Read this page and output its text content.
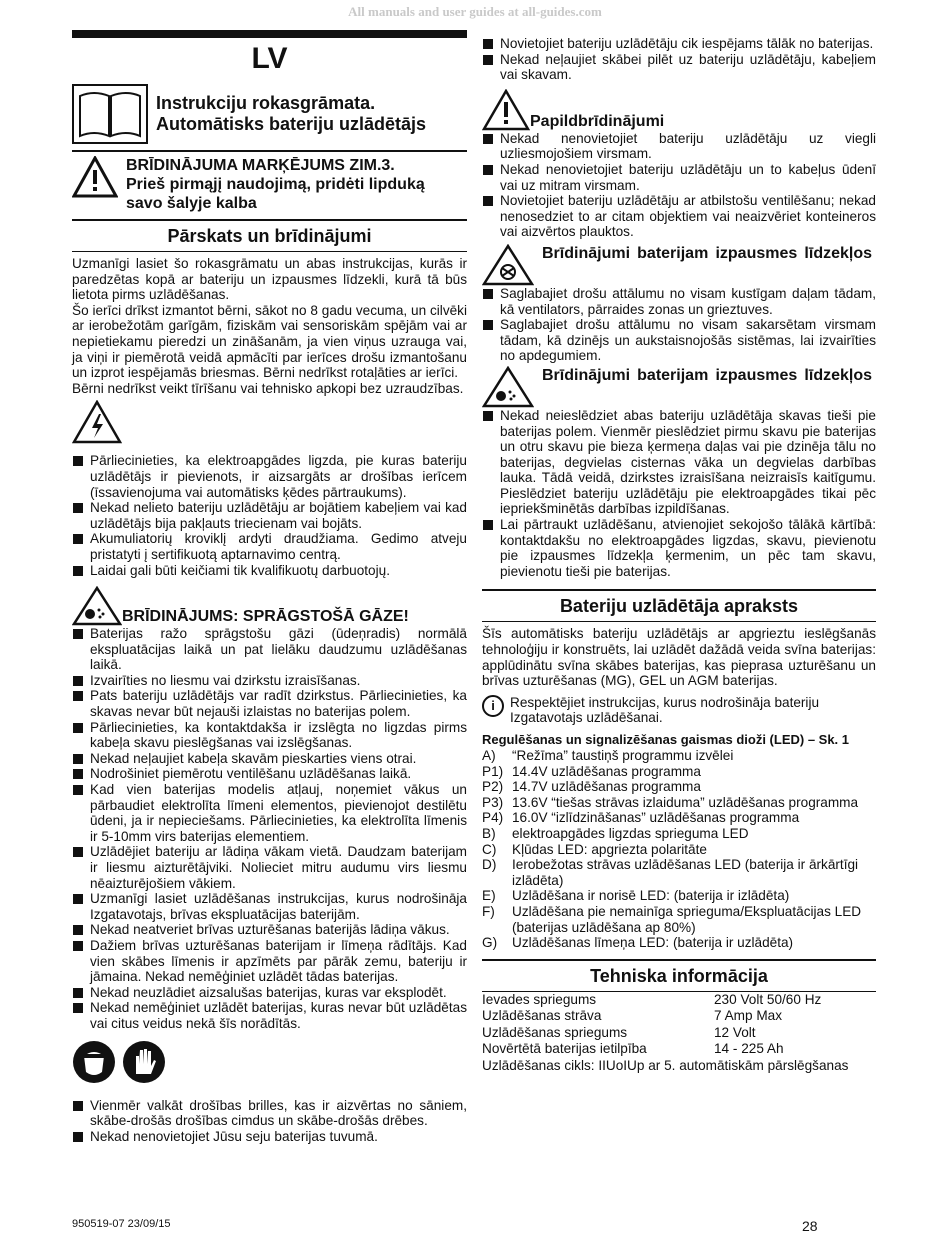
All manuals and user guides at all-guides.com
LV
Instrukciju rokasgrāmata.
Automātisks bateriju uzlādētājs
BRĪDINĀJUMA MARĶĒJUMS ZIM.3.
Prieš pirmąjį naudojimą, pridėti lipduką
savo šalyje kalba
Pārskats un brīdinājumi

Uzmanīgi lasiet šo rokasgrāmatu un abas instrukcijas, kurās ir paredzētas kopā ar bateriju un izpausmes līdzekli, kurā tā būs lietota pirms uzlādēšanas.

Šo ierīci drīkst izmantot bērni, sākot no 8 gadu vecuma, un cilvēki ar ierobežotām garīgām, fiziskām vai sensoriskām spējām vai ar nepietiekamu pieredzi un zināšanām, ja vien viņus uzrauga vai, ja viņi ir piemērotā veidā apmācīti par ierīces drošu izmantošanu un izprot iespējamās briesmas. Bērni nedrīkst rotaļāties ar ierīci.

Bērni nedrīkst veikt tīrīšanu vai tehnisko apkopi bez uzraudzības.

Pārliecinieties, ka elektroapgādes ligzda, pie kuras bateriju uzlādētājs ir pievienots, ir aizsargāts ar drošības ierīcem (īssavienojuma vai automātisks ķēdes pārtraukums).
Nekad nelieto bateriju uzlādētāju ar bojātiem kabeļiem vai kad uzlādētājs bija pakļauts triecienam vai bojāts.
Akumuliatorių kroviklį ardyti draudžiama. Gedimo atveju pristatyti į sertifikuotą aptarnavimo centrą.
Laidai gali būti keičiami tik kvalifikuotų darbuotojų.
BRĪDINĀJUMS: SPRĀGSTOŠĀ GĀZE!
Baterijas ražo sprāgstošu gāzi (ūdeņradis) normālā ekspluatācijas laikā un pat lielāku daudzumu uzlādēšanas laikā.
Izvairīties no liesmu vai dzirkstu izraisīšanas.
Pats bateriju uzlādētājs var radīt dzirkstus. Pārliecinieties, ka skavas nevar būt nejauši izlaistas no baterijas polem.
Pārliecinieties, ka kontaktdakša ir izslēgta no ligzdas pirms kabeļa skavu pieslēgšanas vai izslēgšanas.
Nekad neļaujiet kabeļa skavām pieskarties viens otrai.
Nodrošiniet piemērotu ventilēšanu uzlādēšanas laikā.
Kad vien baterijas modelis atļauj, noņemiet vākus un pārbaudiet elektrolīta līmeni elementos, pievienojot destilētu ūdeni, ja ir nepieciešams. Pārliecinieties, ka elektrolīta līmenis ir 5-10mm virs baterijas elementiem.
Uzlādējiet bateriju ar lādiņa vākam vietā. Daudzam baterijam ir liesmu aizturētājviki. Nolieciet mitru audumu virs liesmu nēaizturējošiem vākiem.
Uzmanīgi lasiet uzlādēšanas instrukcijas, kurus nodrošināja Izgatavotajs, brīvas ekspluatācijas baterijām.
Nekad neatveriet brīvas uzturēšanas baterijās lādiņa vākus.
Dažiem brīvas uzturēšanas baterijam ir līmeņa rādītājs. Kad vien skābes līmenis ir apzīmēts par pārāk zemu, bateriju ir jāmaina. Nekad nemēģiniet uzlādēt tādas baterijas.
Nekad neuzlādiet aizsalušas baterijas, kuras var eksplodēt.
Nekad nemēģiniet uzlādēt baterijas, kuras nevar būt uzlādētas vai citus veidus nekā šīs norādītās.
Vienmēr valkāt drošības brilles, kas ir aizvērtas no sāniem, skābe-drošās drošības cimdus un skābe-drošās drēbes.
Nekad nenovietojiet Jūsu seju baterijas tuvumā.
Novietojiet bateriju uzlādētāju cik iespējams tālāk no baterijas.
Nekad neļaujiet skābei pilēt uz bateriju uzlādētāju, kabeļiem vai skavam.
Papildbrīdinājumi
Nekad nenovietojiet bateriju uzlādētāju uz viegli uzliesmojošiem virsmam.
Nekad nenovietojiet bateriju uzlādētāju un to kabeļus ūdenī vai uz mitram virsmam.
Novietojiet bateriju uzlādētāju ar atbilstošu ventilēšanu; nekad nenosedziet to ar citam objektiem vai neaizvēriet konteineros vai aizvērtos plauktos.
Brīdinājumi baterijam izpausmes līdzekļos
Saglabajiet drošu attālumu no visam kustīgam daļam tādam, kā ventilators, pārraides zonas un grieztuves.
Saglabajiet drošu attālumu no visam sakarsētam virsmam tādam, kā dzinējs un aukstaisnojošās sistēmas, lai izvairīties no apdegumiem.
Brīdinājumi baterijam izpausmes līdzekļos
Nekad neieslēdziet abas bateriju uzlādētāja skavas tieši pie baterijas polem. Vienmēr pieslēdziet pirmu skavu pie baterijas un otru skavu pie bieza ķermeņa daļas vai pie dzinēja tālu no baterijas, degvielas cisternas vāka un degvielas darbības lauka. Tādā veidā, dzirkstes izraisīšana neizraisīs kaitīgumu. Pieslēdziet bateriju uzlādētāju pie elektroapgādes tikai pēc iepriekšminētās darbības izpildīšanas.
Lai pārtraukt uzlādēšanu, atvienojiet sekojošo tālākā kārtībā: kontaktdakšu no elektroapgādes ligzdas, skavu, pievienotu pie izpausmes līdzekļa ķermenim, un pēc tam skavu, pievienotu tieši pie baterijas.
Bateriju uzlādētāja apraksts

Šīs automātisks bateriju uzlādētājs ar apgrieztu ieslēgšanās tehnoloģiju ir konstruēts, lai uzlādēt dažādā veida svīna baterijas: applūdinātu svīna skābes baterijas, kas pieprasa uzturēšanu un brīvas uzturēšanas (MG), GEL un AGM baterijas.

i	Respektējiet instrukcijas, kurus nodrošināja bateriju Izgatavotajs uzlādēšanai.
Regulēšanas un signalizēšanas gaismas dioži (LED) – Sk. 1
A)	“Režīma” taustiņš programmu izvēlei
P1) 14.4V uzlādēšanas programma
P2) 14.7V uzlādēšanas programma
P3) 13.6V “tiešas strāvas izlaiduma” uzlādēšanas programma
P4) 16.0V “izlīdzināšanas” uzlādēšanas programma
B)	elektroapgādes ligzdas sprieguma LED
C)	Kļūdas LED: apgriezta polaritāte
D)	Ierobežotas strāvas uzlādēšanas LED (baterija ir ārkārtīgi izlādēta)
E)	Uzlādēšana ir norisē LED: (baterija ir izlādēta)
F)	Uzlādēšana pie nemainīga sprieguma/Ekspluatācijas LED (baterijas uzlādēšana ap 80%)
G)	Uzlādēšanas līmeņa LED: (baterija ir uzlādēta)
Tehniska informācija
Ievades spriegums	230 Volt 50/60 Hz
Uzlādēšanas strāva	7 Amp Max
Uzlādēšanas spriegums	12 Volt
Novērtētā baterijas ietilpība	14 - 225 Ah
Uzlādēšanas cikls: IIUoIUp ar 5. automātiskām pārslēgšanas
950519-07 23/09/15	28
